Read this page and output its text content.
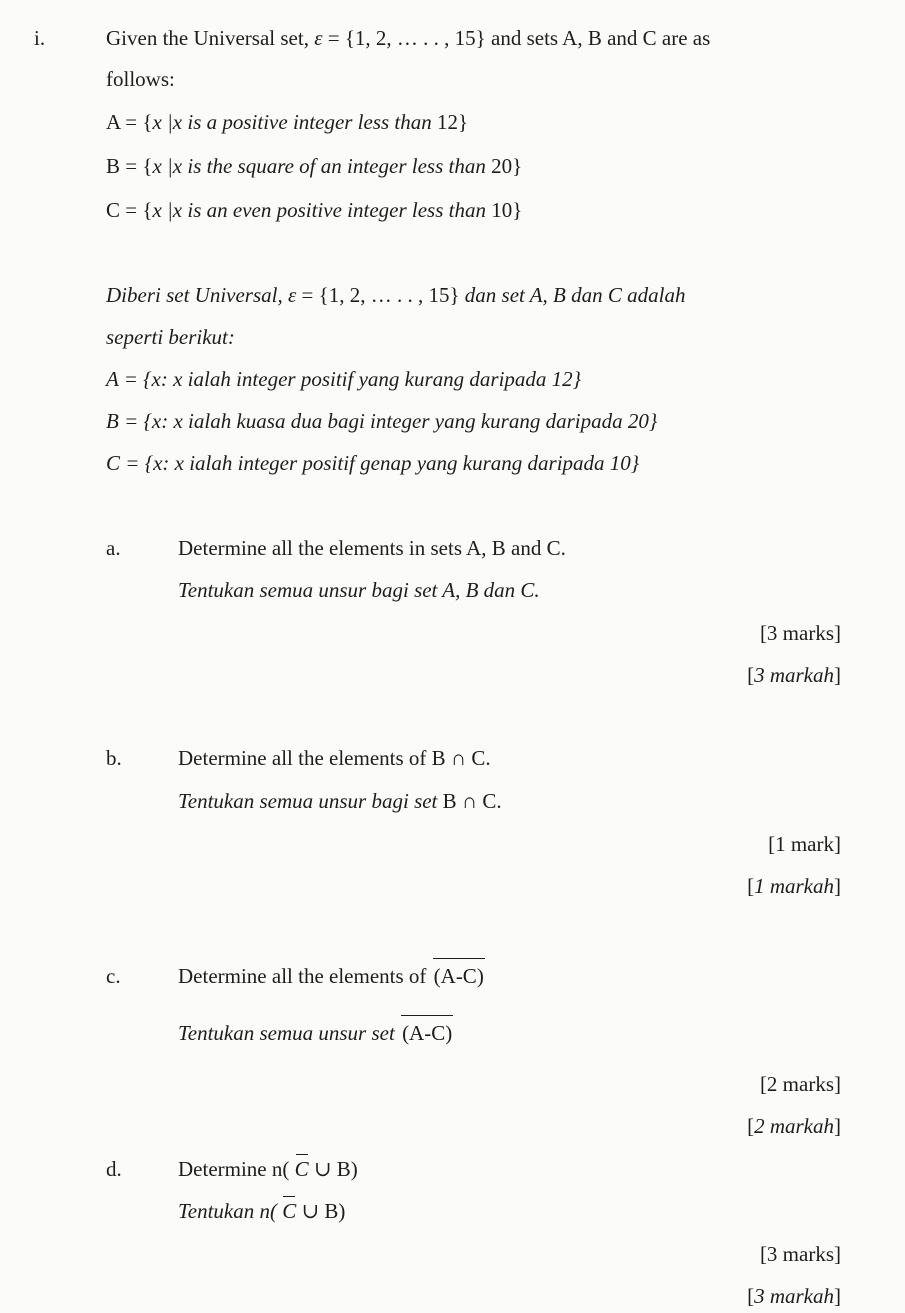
i.	Given the Universal set, ε = {1, 2, … . . , 15} and sets A, B and C are as
follows:
A = {x |x is a positive integer less than 12}
B = {x |x is the square of an integer less than 20}
C = {x |x is an even positive integer less than 10}
Diberi set Universal, ε = {1, 2, … . . , 15} dan set A, B dan C adalah
seperti berikut:
A = {x: x ialah integer positif yang kurang daripada 12}
B = {x: x ialah kuasa dua bagi integer yang kurang daripada 20}
C = {x: x ialah integer positif genap yang kurang daripada 10}
a.	Determine all the elements in sets A, B and C.
Tentukan semua unsur bagi set A, B dan C.
[3 marks]
[3 markah]
b.	Determine all the elements of B ∩ C.
Tentukan semua unsur bagi set B ∩ C.
[1 mark]
[1 markah]
c.	Determine all the elements of (A-C)
Tentukan semua unsur set (A-C)
[2 marks]
[2 markah]
d.	Determine n( C ∪ B)
Tentukan n( C ∪ B)
[3 marks]
[3 markah]
